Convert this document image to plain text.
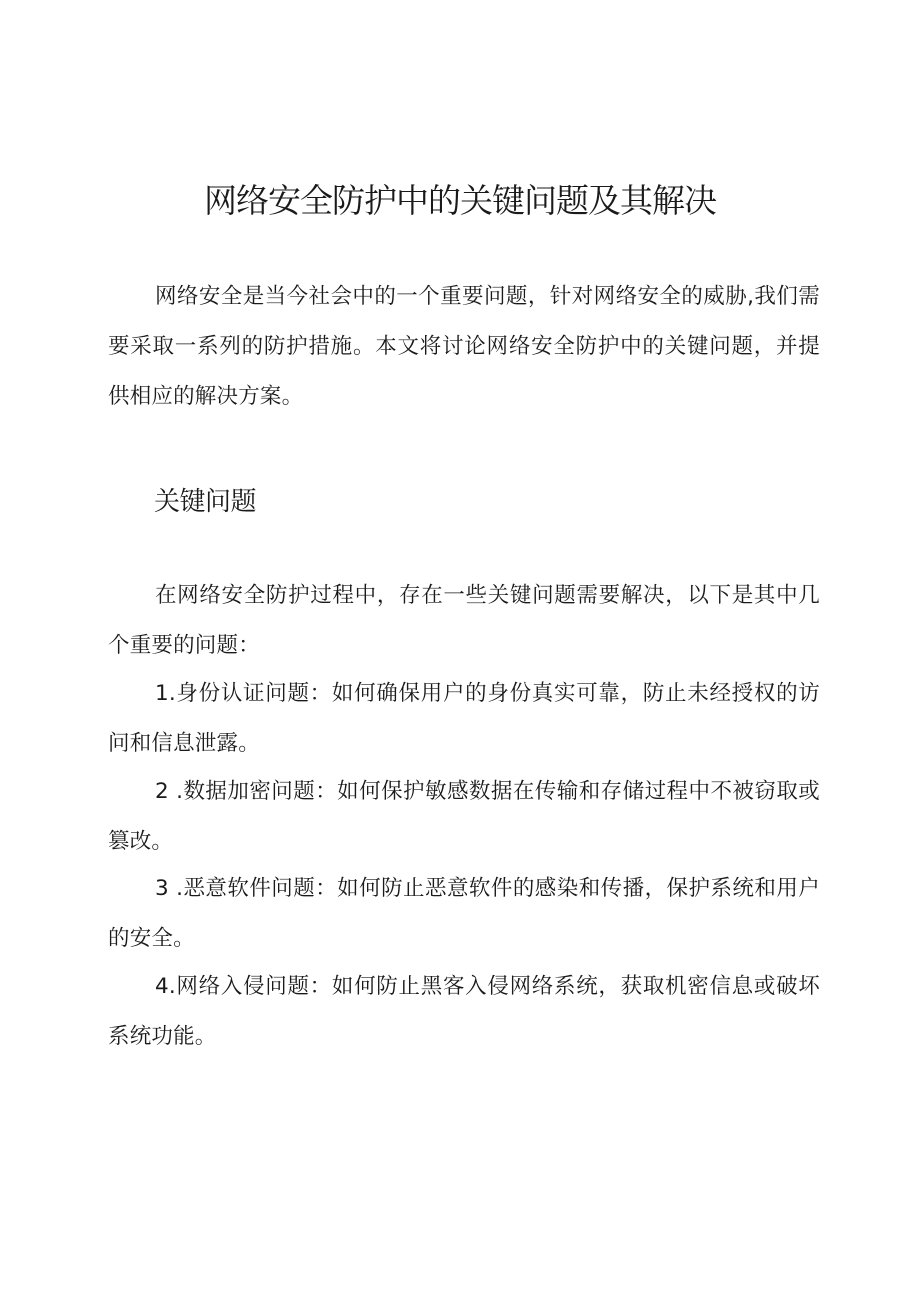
网络安全防护中的关键问题及其解决

网络安全是当今社会中的一个重要问题，针对网络安全的威胁,我们需要采取一系列的防护措施。本文将讨论网络安全防护中的关键问题，并提供相应的解决方案。

关键问题

在网络安全防护过程中，存在一些关键问题需要解决，以下是其中几个重要的问题：

1.身份认证问题：如何确保用户的身份真实可靠，防止未经授权的访问和信息泄露。

2 .数据加密问题：如何保护敏感数据在传输和存储过程中不被窃取或篡改。

3 .恶意软件问题：如何防止恶意软件的感染和传播，保护系统和用户的安全。

4.网络入侵问题：如何防止黑客入侵网络系统，获取机密信息或破坏系统功能。
